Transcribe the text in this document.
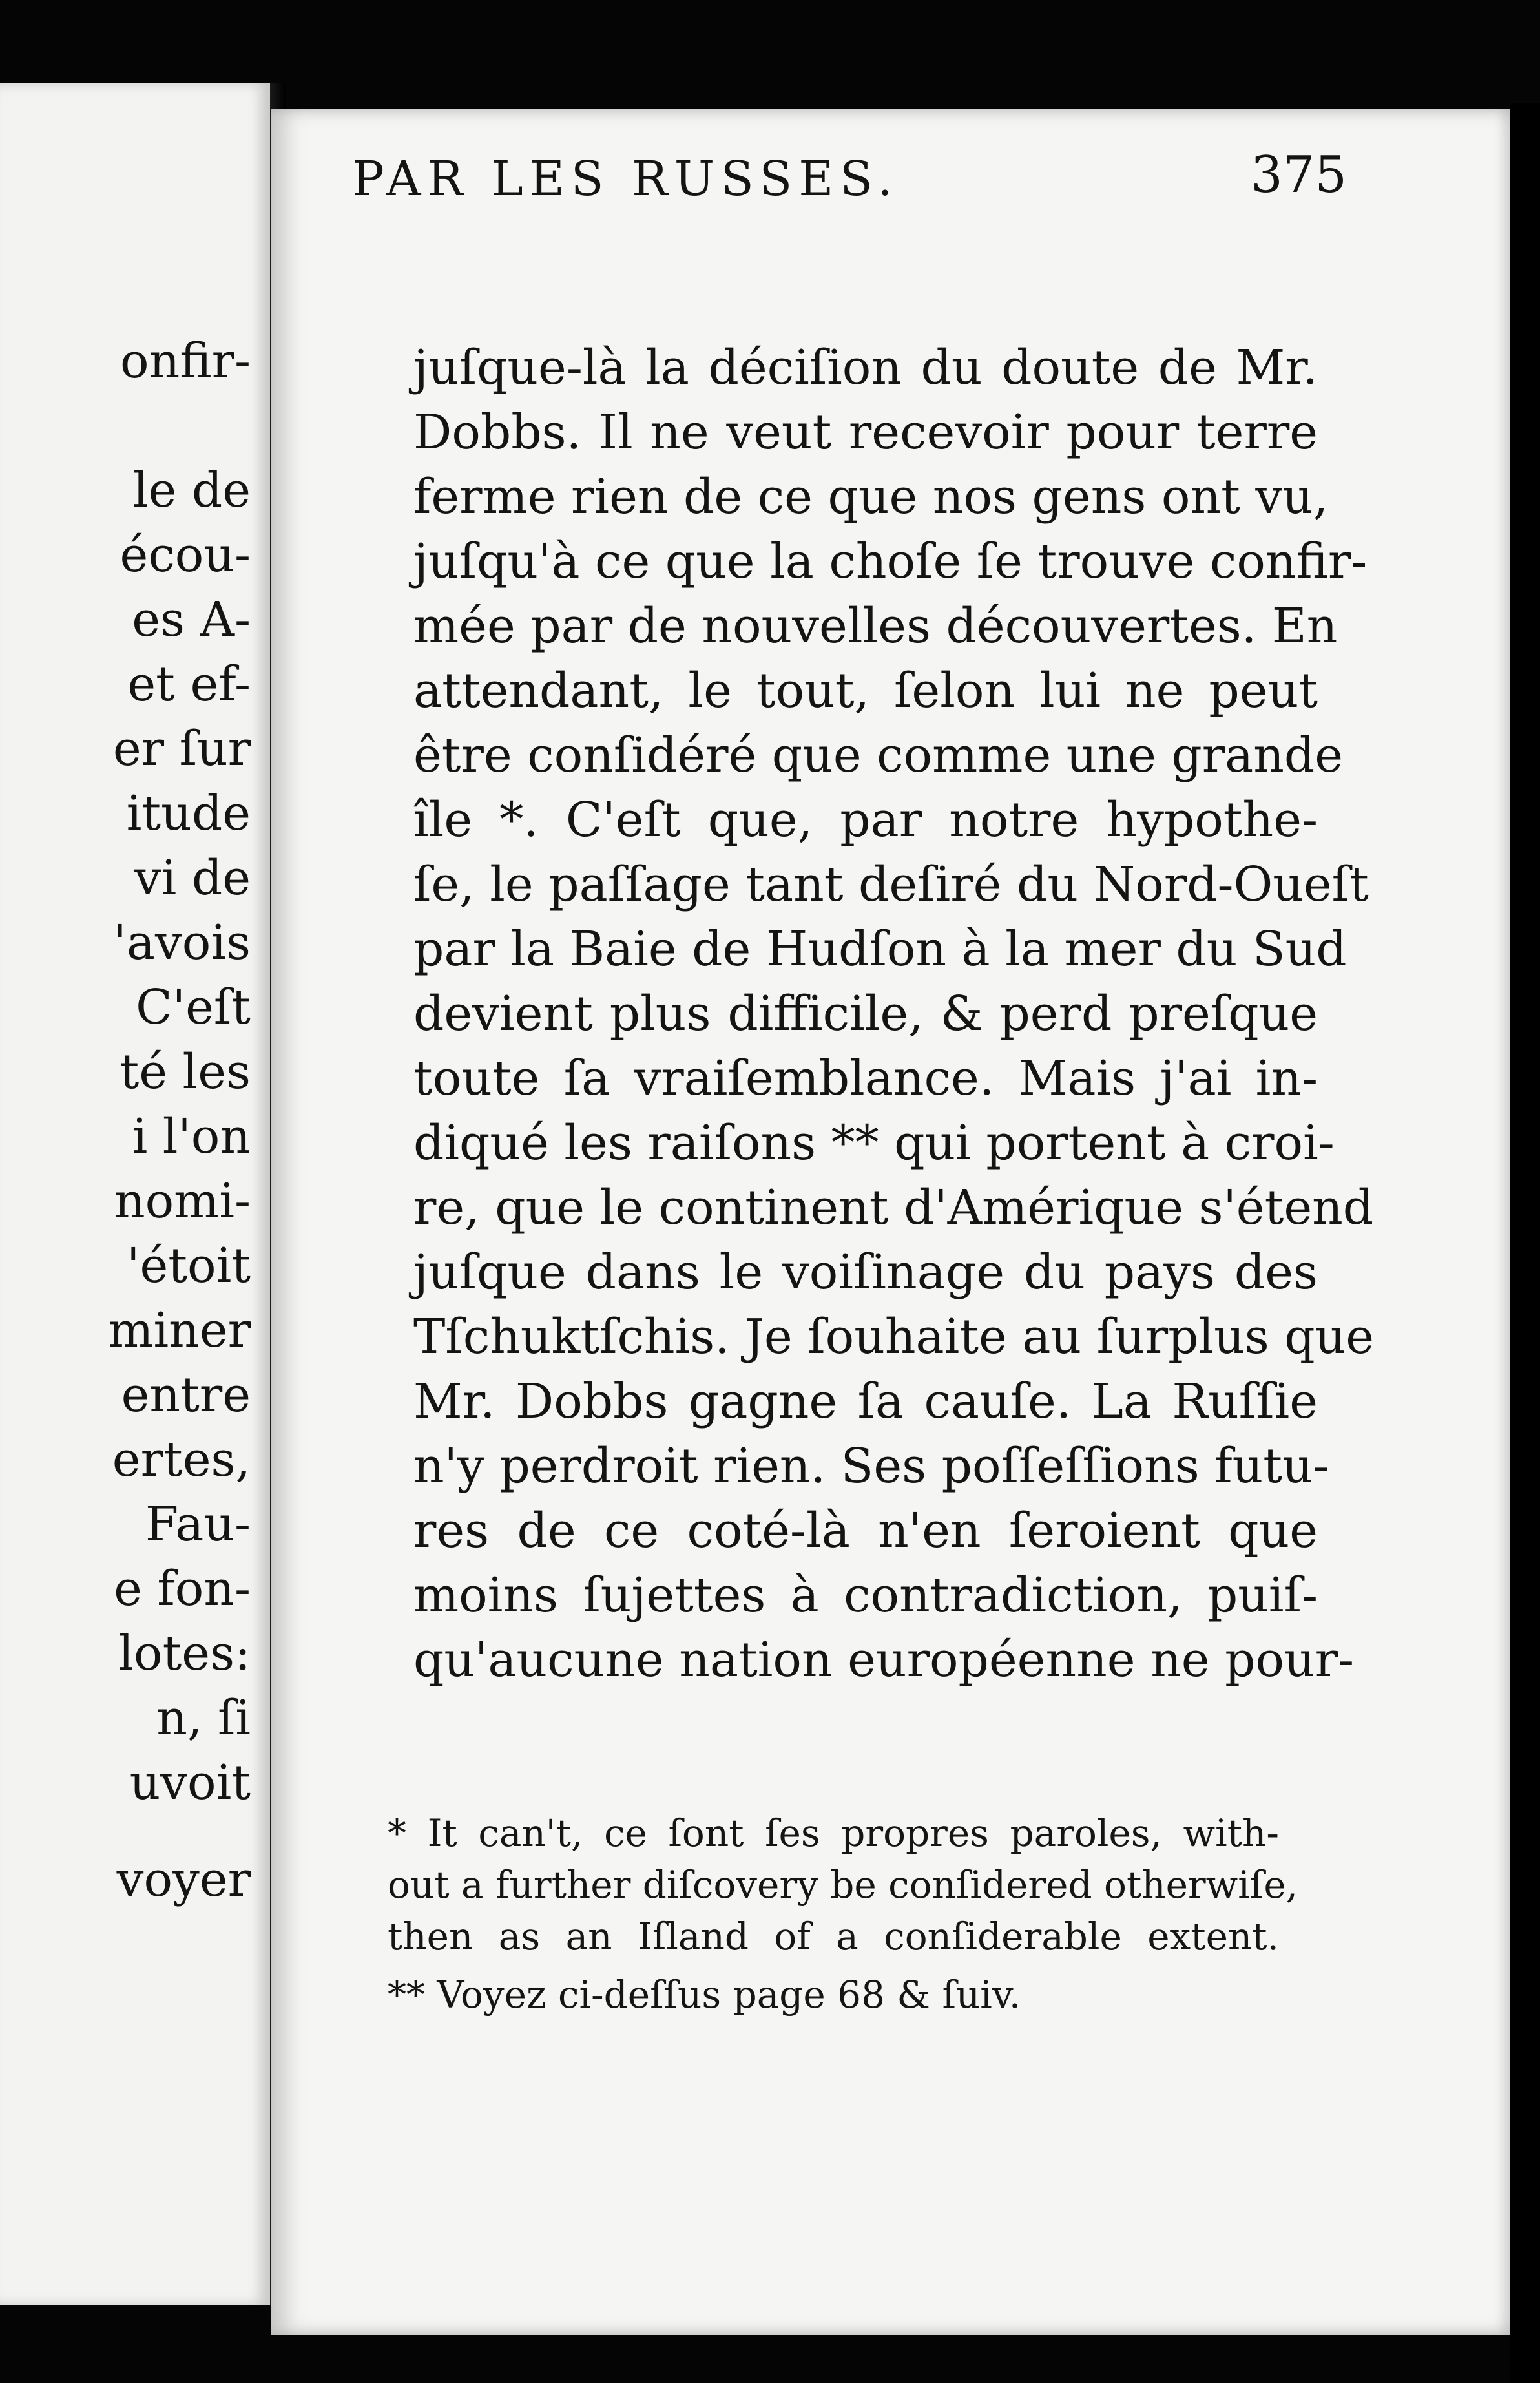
onfir-
le de
écou-
es A-
et ef-
er ſur
itude
vi de
'avois
C'eſt
té les
i l'on
nomi-
'étoit
miner
entre
ertes,
Fau-
e fon-
lotes:
n, ſi
uvoit
voyer
PAR LES RUSSES.	375
juſque-là la déciſion du doute de Mr.
Dobbs. Il ne veut recevoir pour terre
ferme rien de ce que nos gens ont vu,
juſqu'à ce que la choſe ſe trouve confir-
mée par de nouvelles découvertes. En
attendant, le tout, ſelon lui ne peut
être conſidéré que comme une grande
île *. C'eſt que, par notre hypothe-
ſe, le paſſage tant deſiré du Nord-Oueſt
par la Baie de Hudſon à la mer du Sud
devient plus difficile, & perd preſque
toute ſa vraiſemblance. Mais j'ai in-
diqué les raiſons ** qui portent à croi-
re, que le continent d'Amérique s'étend
juſque dans le voiſinage du pays des
Tſchuktſchis. Je ſouhaite au ſurplus que
Mr. Dobbs gagne ſa cauſe. La Ruſſie
n'y perdroit rien. Ses poſſeſſions futu-
res de ce coté-là n'en ſeroient que
moins ſujettes à contradiction, puiſ-
qu'aucune nation européenne ne pour-
* It can't, ce ſont ſes propres paroles, with-
out a further diſcovery be conſidered otherwiſe,
then as an Iſland of a conſiderable extent.
** Voyez ci-deſſus page 68 & ſuiv.
